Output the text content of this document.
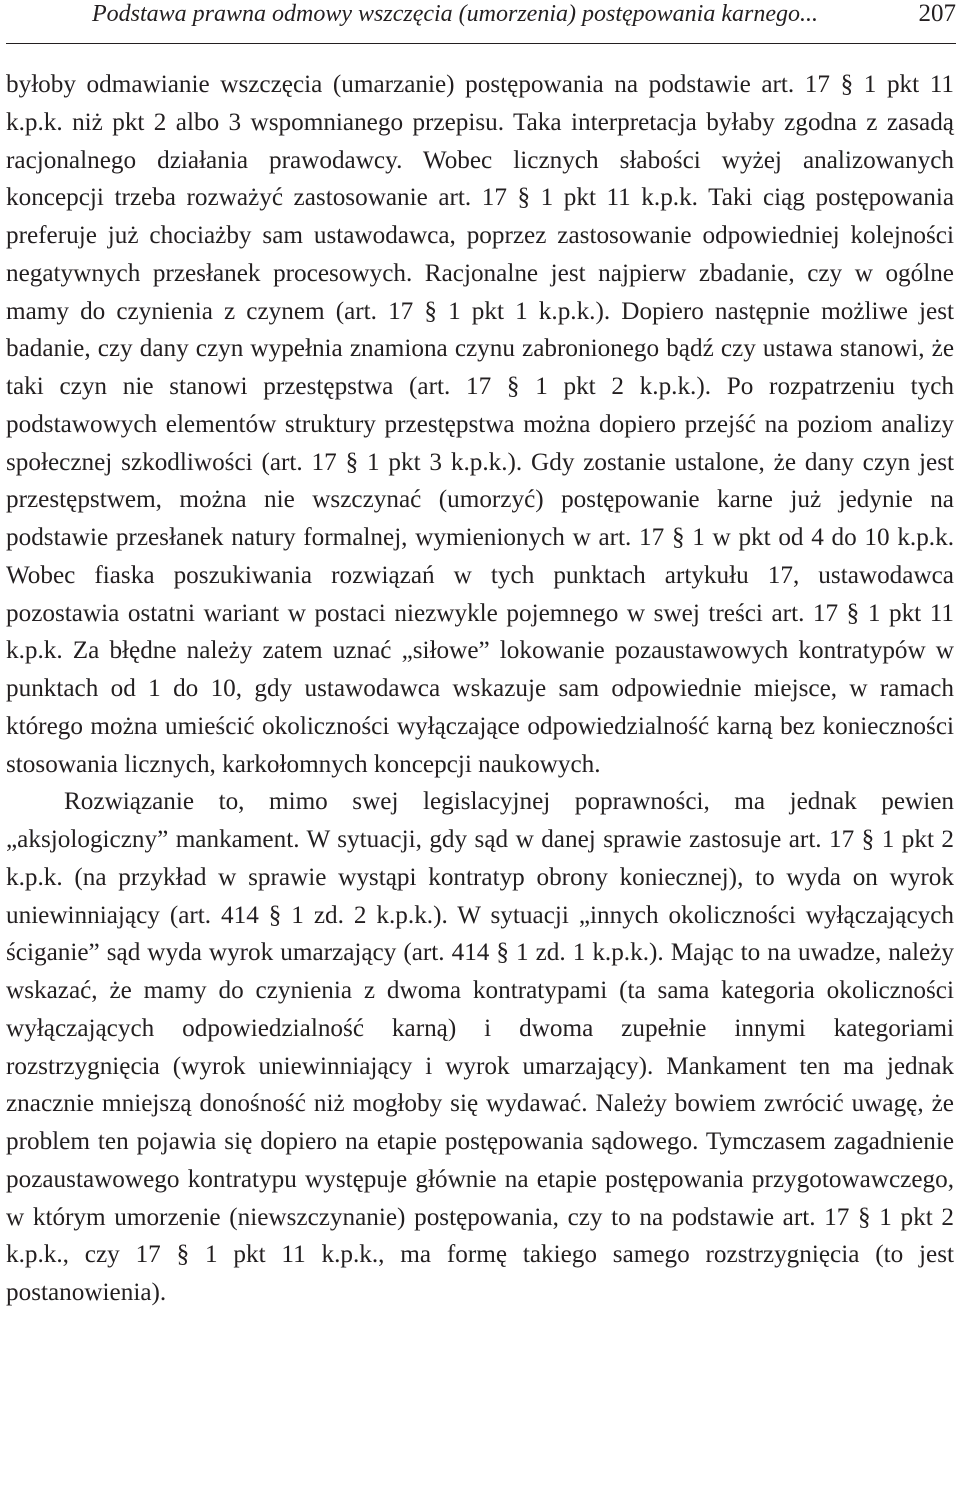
Podstawa prawna odmowy wszczęcia (umorzenia) postępowania karnego...	207

byłoby odmawianie wszczęcia (umarzanie) postępowania na podstawie art. 17 § 1 pkt 11 k.p.k. niż pkt 2 albo 3 wspomnianego przepisu. Taka interpretacja byłaby zgodna z zasadą racjonalnego działania prawodawcy. Wobec licznych słabości wyżej analizowanych koncepcji trzeba rozważyć zastosowanie art. 17 § 1 pkt 11 k.p.k. Taki ciąg postępowania preferuje już chociażby sam ustawodawca, poprzez zastosowanie odpowiedniej kolejności negatywnych przesłanek procesowych. Racjonalne jest najpierw zbadanie, czy w ogólne mamy do czynienia z czynem (art. 17 § 1 pkt 1 k.p.k.). Dopiero następnie możliwe jest badanie, czy dany czyn wypełnia znamiona czynu zabronionego bądź czy ustawa stanowi, że taki czyn nie stanowi przestępstwa (art. 17 § 1 pkt 2 k.p.k.). Po rozpatrzeniu tych podstawowych elementów struktury przestępstwa można dopiero przejść na poziom analizy społecznej szkodliwości (art. 17 § 1 pkt 3 k.p.k.). Gdy zostanie ustalone, że dany czyn jest przestępstwem, można nie wszczynać (umorzyć) postępowanie karne już jedynie na podstawie przesłanek natury formalnej, wymienionych w art. 17 § 1 w pkt od 4 do 10 k.p.k. Wobec fiaska poszukiwania rozwiązań w tych punktach artykułu 17, ustawodawca pozostawia ostatni wariant w postaci niezwykle pojemnego w swej treści art. 17 § 1 pkt 11 k.p.k. Za błędne należy zatem uznać „siłowe” lokowanie pozaustawowych kontratypów w punktach od 1 do 10, gdy ustawodawca wskazuje sam odpowiednie miejsce, w ramach którego można umieścić okoliczności wyłączające odpowiedzialność karną bez konieczności stosowania licznych, karkołomnych koncepcji naukowych.

Rozwiązanie to, mimo swej legislacyjnej poprawności, ma jednak pewien „aksjologiczny” mankament. W sytuacji, gdy sąd w danej sprawie zastosuje art. 17 § 1 pkt 2 k.p.k. (na przykład w sprawie wystąpi kontratyp obrony koniecznej), to wyda on wyrok uniewinniający (art. 414 § 1 zd. 2 k.p.k.). W sytuacji „innych okoliczności wyłączających ściganie” sąd wyda wyrok umarzający (art. 414 § 1 zd. 1 k.p.k.). Mając to na uwadze, należy wskazać, że mamy do czynienia z dwoma kontratypami (ta sama kategoria okoliczności wyłączających odpowiedzialność karną) i dwoma zupełnie innymi kategoriami rozstrzygnięcia (wyrok uniewinniający i wyrok umarzający). Mankament ten ma jednak znacznie mniejszą donośność niż mogłoby się wydawać. Należy bowiem zwrócić uwagę, że problem ten pojawia się dopiero na etapie postępowania sądowego. Tymczasem zagadnienie pozaustawowego kontratypu występuje głównie na etapie postępowania przygotowawczego, w którym umorzenie (niewszczynanie) postępowania, czy to na podstawie art. 17 § 1 pkt 2 k.p.k., czy 17 § 1 pkt 11 k.p.k., ma formę takiego samego rozstrzygnięcia (to jest postanowienia).
